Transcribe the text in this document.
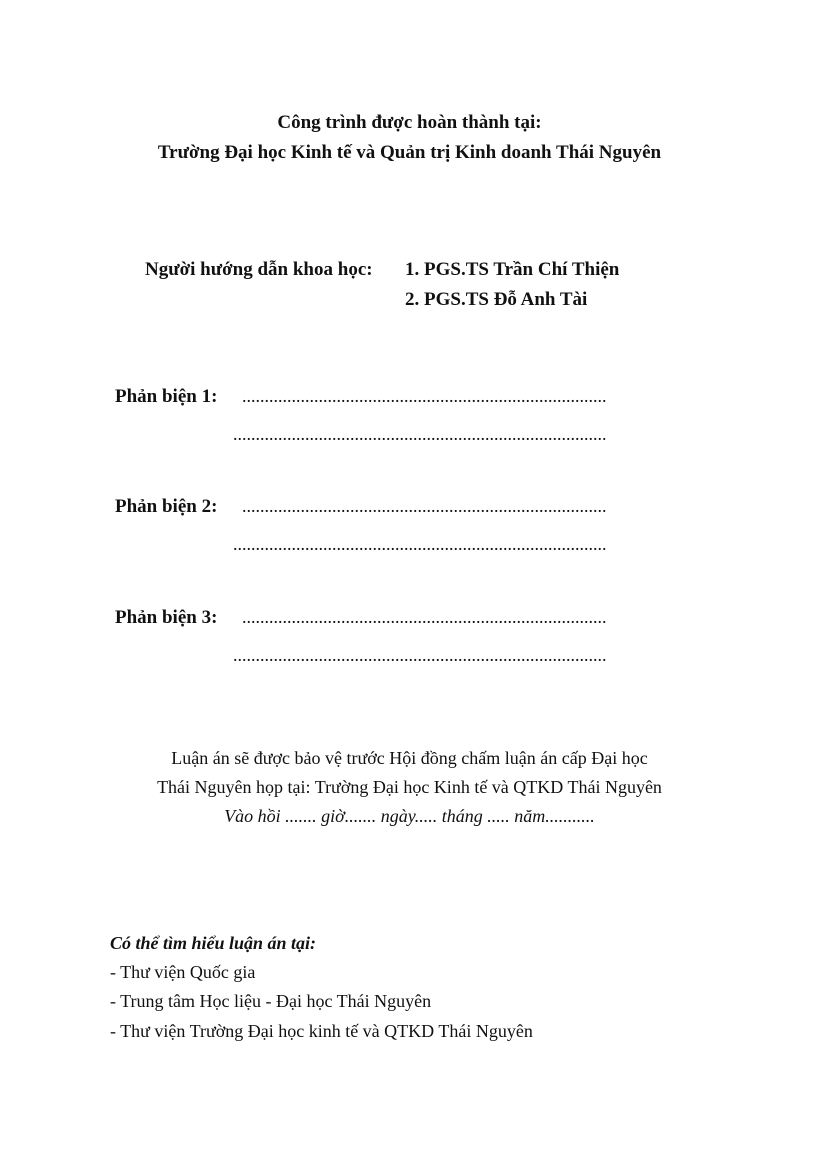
Công trình được hoàn thành tại:
Trường Đại học Kinh tế và Quản trị Kinh doanh Thái Nguyên
Người hướng dẫn khoa học: 1. PGS.TS Trần Chí Thiện
2. PGS.TS Đỗ Anh Tài
Phản biện 1: .................................................................................
...................................................................................
Phản biện 2: .................................................................................
...................................................................................
Phản biện 3: .................................................................................
...................................................................................
Luận án sẽ được bảo vệ trước Hội đồng chấm luận án cấp Đại học
Thái Nguyên họp tại: Trường Đại học Kinh tế và QTKD Thái Nguyên
Vào hồi ....... giờ....... ngày..... tháng ..... năm...........
Có thể tìm hiểu luận án tại:
- Thư viện Quốc gia
- Trung tâm Học liệu - Đại học Thái Nguyên
- Thư viện Trường Đại học kinh tế và QTKD Thái Nguyên
